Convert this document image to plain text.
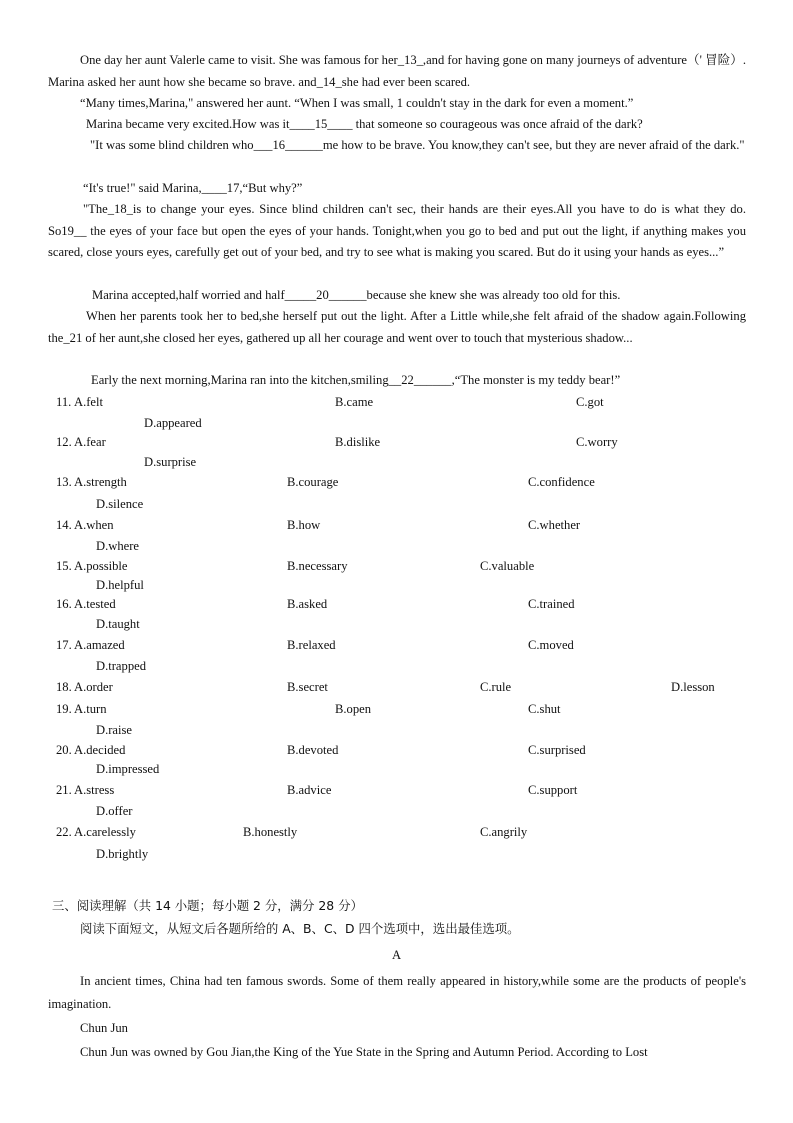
One day her aunt Valerle came to visit. She was famous for her_13_,and for having gone on many journeys of adventure（' 冒险）. Marina asked her aunt how she became so brave. and_14_she had ever been scared.
“Many times,Marina," answered her aunt. “When I was small, 1 couldn't stay in the dark for even a moment.”
Marina became very excited.How was it____15____ that someone so courageous was once afraid of the dark?
"It was some blind children who___16______me how to be brave. You know,they can't see, but they are never afraid of the dark."
“It's true!" said Marina,____17,“But why?”
"The_18_is to change your eyes. Since blind children can't sec, their hands are their eyes.All you have to do is what they do. So19__ the eyes of your face but open the eyes of your hands. Tonight,when you go to bed and put out the light, if anything makes you scared, close yours eyes, carefully get out of your bed, and try to see what is making you scared. But do it using your hands as eyes...”
Marina accepted,half worried and half_____20______because she knew she was already too old for this.
When her parents took her to bed,she herself put out the light. After a Little while,she felt afraid of the shadow again.Following the_21 of her aunt,she closed her eyes, gathered up all her courage and went over to touch that mysterious shadow...
Early the next morning,Marina ran into the kitchen,smiling__22______,“The monster is my teddy bear!”
11. A.felt	B.came	C.got
D.appeared
12. A.fear	B.dislike	C.worry
D.surprise
13. A.strength	B.courage	C.confidence
D.silence
14. A.when	B.how	C.whether
D.where
15. A.possible	B.necessary	C.valuable
D.helpful
16. A.tested	B.asked	C.trained
D.taught
17. A.amazed	B.relaxed	C.moved
D.trapped
18. A.order	B.secret	C.rule	D.lesson
19. A.turn	B.open	C.shut
D.raise
20. A.decided	B.devoted	C.surprised
D.impressed
21. A.stress	B.advice	C.support
D.offer
22. A.carelessly	B.honestly	C.angrily
D.brightly
三、阅读理解（共 14 小题；每小题 2 分，满分 28 分）
阅读下面短文，从短文后各题所给的 A、B、C、D 四个选项中，选出最佳选项。
A
In ancient times, China had ten famous swords. Some of them really appeared in history,while some are the products of people's imagination.
Chun Jun
Chun Jun was owned by Gou Jian,the King of the Yue State in the Spring and Autumn Period. According to Lost
